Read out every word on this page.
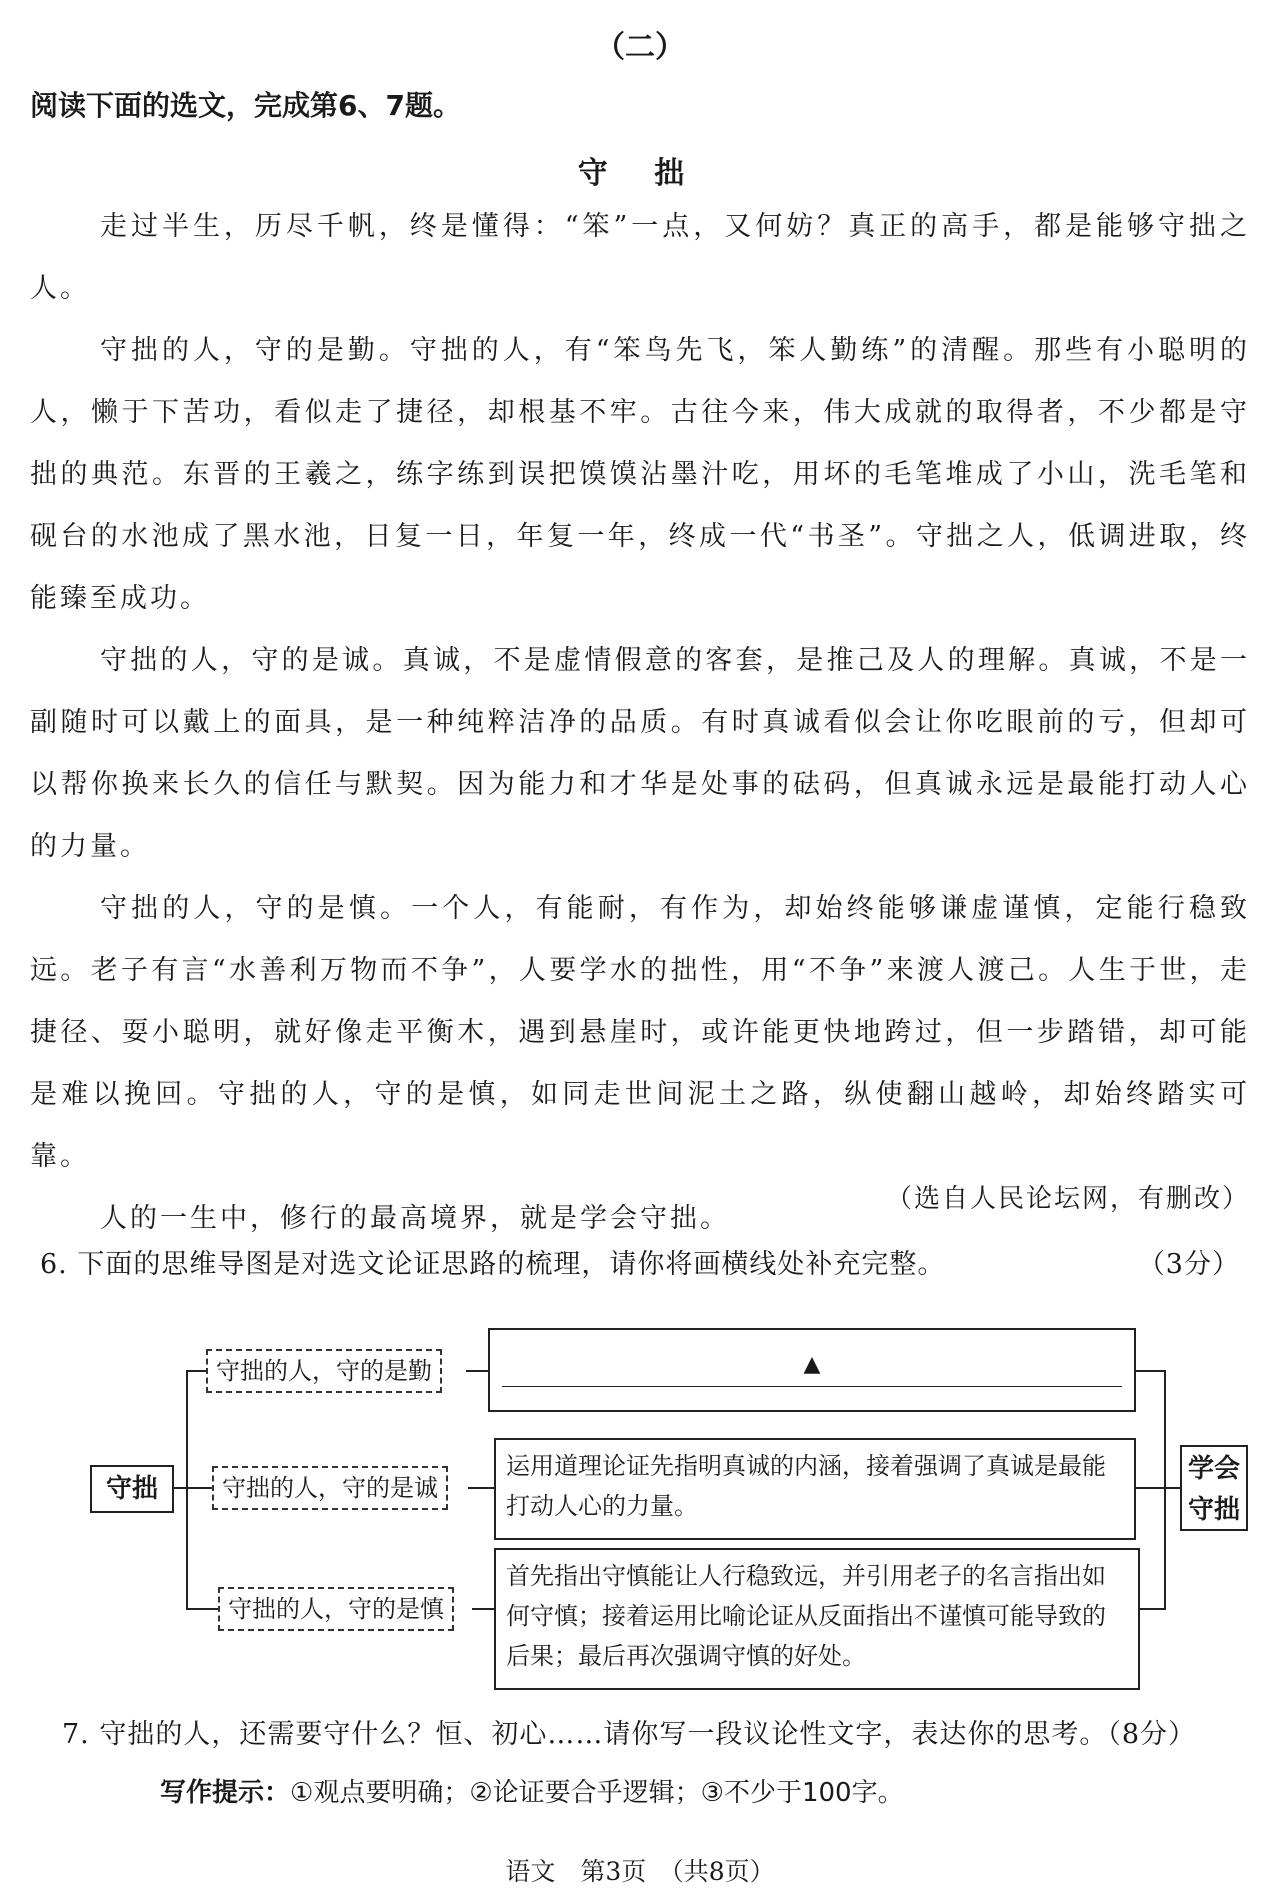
（二）
阅读下面的选文，完成第6、7题。
守 拙

走过半生，历尽千帆，终是懂得：“笨”一点，又何妨？真正的高手，都是能够守拙之人。

守拙的人，守的是勤。守拙的人，有“笨鸟先飞，笨人勤练”的清醒。那些有小聪明的人，懒于下苦功，看似走了捷径，却根基不牢。古往今来，伟大成就的取得者，不少都是守拙的典范。东晋的王羲之，练字练到误把馍馍沾墨汁吃，用坏的毛笔堆成了小山，洗毛笔和砚台的水池成了黑水池，日复一日，年复一年，终成一代“书圣”。守拙之人，低调进取，终能臻至成功。

守拙的人，守的是诚。真诚，不是虚情假意的客套，是推己及人的理解。真诚，不是一副随时可以戴上的面具，是一种纯粹洁净的品质。有时真诚看似会让你吃眼前的亏，但却可以帮你换来长久的信任与默契。因为能力和才华是处事的砝码，但真诚永远是最能打动人心的力量。

守拙的人，守的是慎。一个人，有能耐，有作为，却始终能够谦虚谨慎，定能行稳致远。老子有言“水善利万物而不争”，人要学水的拙性，用“不争”来渡人渡己。人生于世，走捷径、耍小聪明，就好像走平衡木，遇到悬崖时，或许能更快地跨过，但一步踏错，却可能是难以挽回。守拙的人，守的是慎，如同走世间泥土之路，纵使翻山越岭，却始终踏实可靠。

人的一生中，修行的最高境界，就是学会守拙。

（选自人民论坛网，有删改）
6. 下面的思维导图是对选文论证思路的梳理，请你将画横线处补充完整。	（3分）
守拙
守拙的人，守的是勤
守拙的人，守的是诚
守拙的人，守的是慎
▲
运用道理论证先指明真诚的内涵，接着强调了真诚是最能打动人心的力量。
首先指出守慎能让人行稳致远，并引用老子的名言指出如何守慎；接着运用比喻论证从反面指出不谨慎可能导致的后果；最后再次强调守慎的好处。
学会守拙
7. 守拙的人，还需要守什么？恒、初心……请你写一段议论性文字，表达你的思考。（8分）
写作提示：①观点要明确；②论证要合乎逻辑；③不少于100字。
语文　第3页　（共8页）
